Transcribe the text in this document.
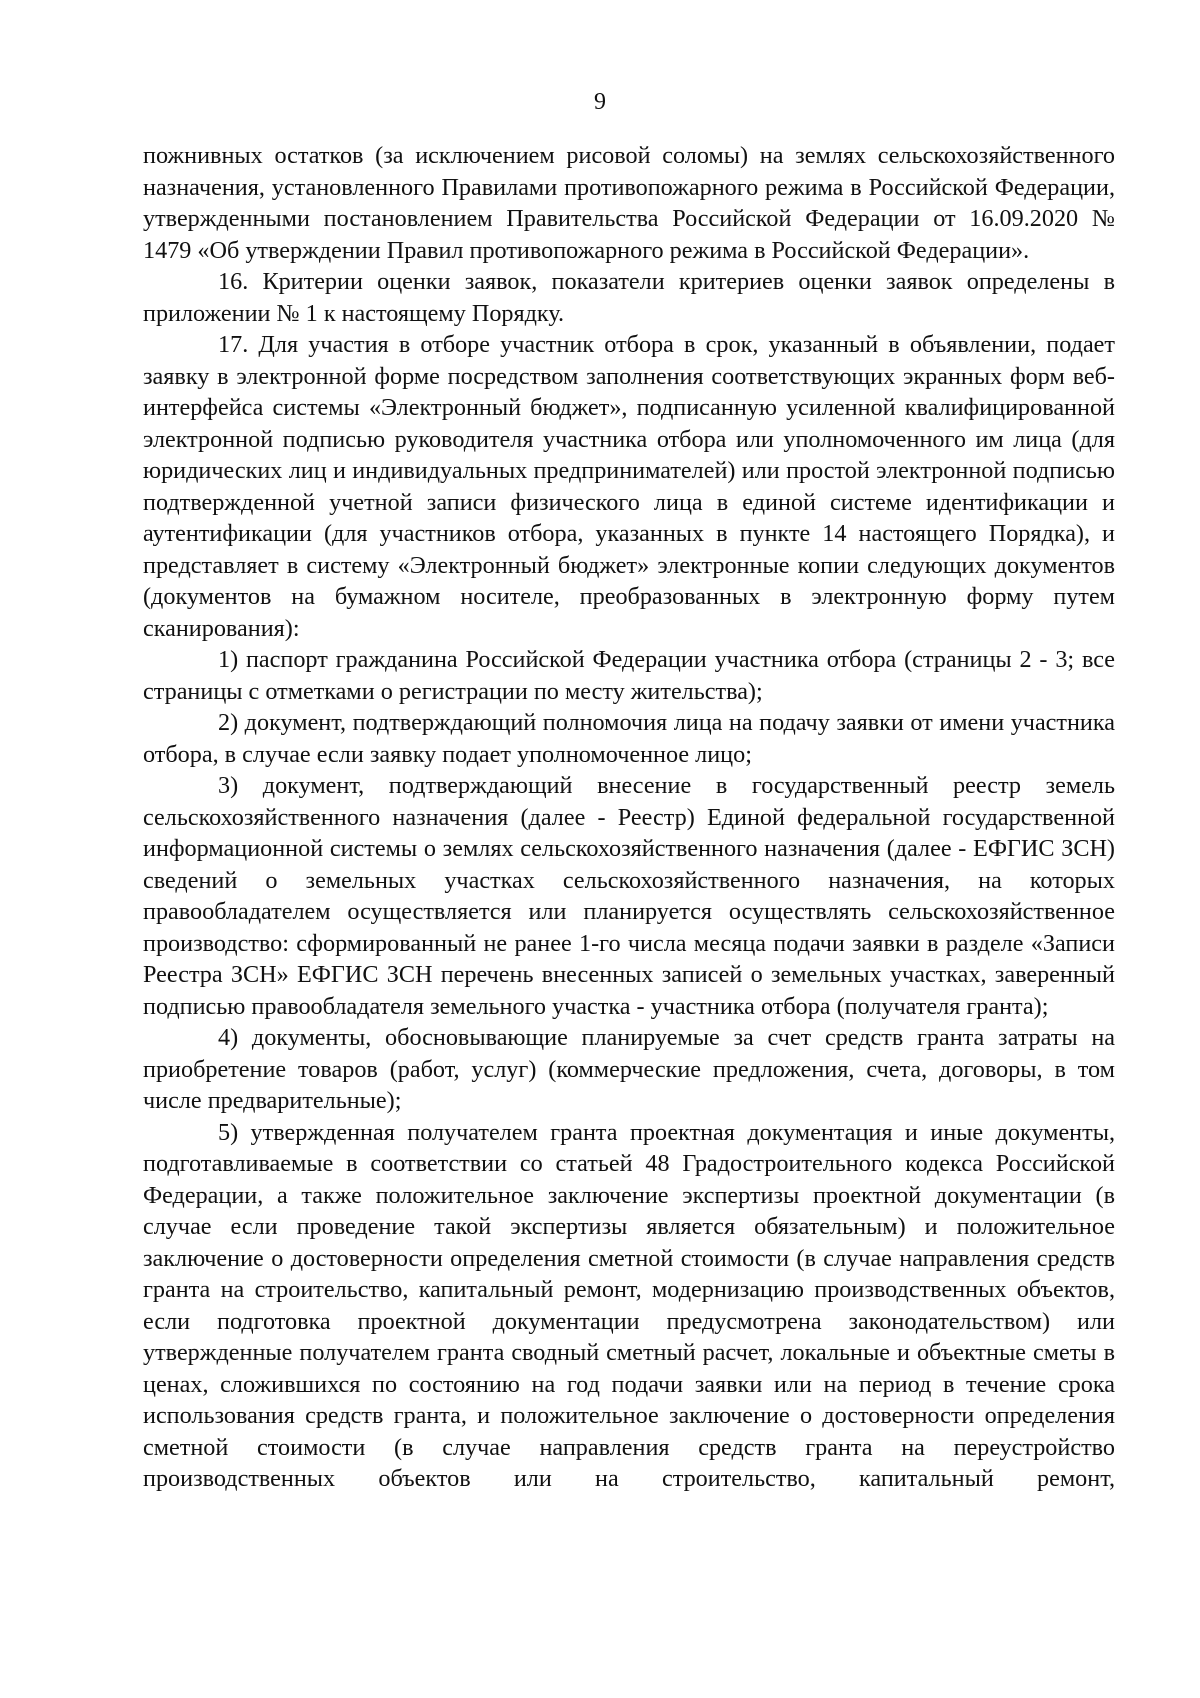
9

пожнивных остатков (за исключением рисовой соломы) на землях сельскохозяйственного назначения, установленного Правилами противопожарного режима в Российской Федерации, утвержденными постановлением Правительства Российской Федерации от 16.09.2020 № 1479 «Об утверждении Правил противопожарного режима в Российской Федерации».

16. Критерии оценки заявок, показатели критериев оценки заявок определены в приложении № 1 к настоящему Порядку.

17. Для участия в отборе участник отбора в срок, указанный в объявлении, подает заявку в электронной форме посредством заполнения соответствующих экранных форм веб-интерфейса системы «Электронный бюджет», подписанную усиленной квалифицированной электронной подписью руководителя участника отбора или уполномоченного им лица (для юридических лиц и индивидуальных предпринимателей) или простой электронной подписью подтвержденной учетной записи физического лица в единой системе идентификации и аутентификации (для участников отбора, указанных в пункте 14 настоящего Порядка), и представляет в систему «Электронный бюджет» электронные копии следующих документов (документов на бумажном носителе, преобразованных в электронную форму путем сканирования):

1) паспорт гражданина Российской Федерации участника отбора (страницы 2 - 3; все страницы с отметками о регистрации по месту жительства);

2) документ, подтверждающий полномочия лица на подачу заявки от имени участника отбора, в случае если заявку подает уполномоченное лицо;

3) документ, подтверждающий внесение в государственный реестр земель сельскохозяйственного назначения (далее - Реестр) Единой федеральной государственной информационной системы о землях сельскохозяйственного назначения (далее - ЕФГИС ЗСН) сведений о земельных участках сельскохозяйственного назначения, на которых правообладателем осуществляется или планируется осуществлять сельскохозяйственное производство: сформированный не ранее 1-го числа месяца подачи заявки в разделе «Записи Реестра ЗСН» ЕФГИС ЗСН перечень внесенных записей о земельных участках, заверенный подписью правообладателя земельного участка - участника отбора (получателя гранта);

4) документы, обосновывающие планируемые за счет средств гранта затраты на приобретение товаров (работ, услуг) (коммерческие предложения, счета, договоры, в том числе предварительные);

5) утвержденная получателем гранта проектная документация и иные документы, подготавливаемые в соответствии со статьей 48 Градостроительного кодекса Российской Федерации, а также положительное заключение экспертизы проектной документации (в случае если проведение такой экспертизы является обязательным) и положительное заключение о достоверности определения сметной стоимости (в случае направления средств гранта на строительство, капитальный ремонт, модернизацию производственных объектов, если подготовка проектной документации предусмотрена законодательством) или утвержденные получателем гранта сводный сметный расчет, локальные и объектные сметы в ценах, сложившихся по состоянию на год подачи заявки или на период в течение срока использования средств гранта, и положительное заключение о достоверности определения сметной стоимости (в случае направления средств гранта на переустройство производственных объектов или на строительство, капитальный ремонт,
